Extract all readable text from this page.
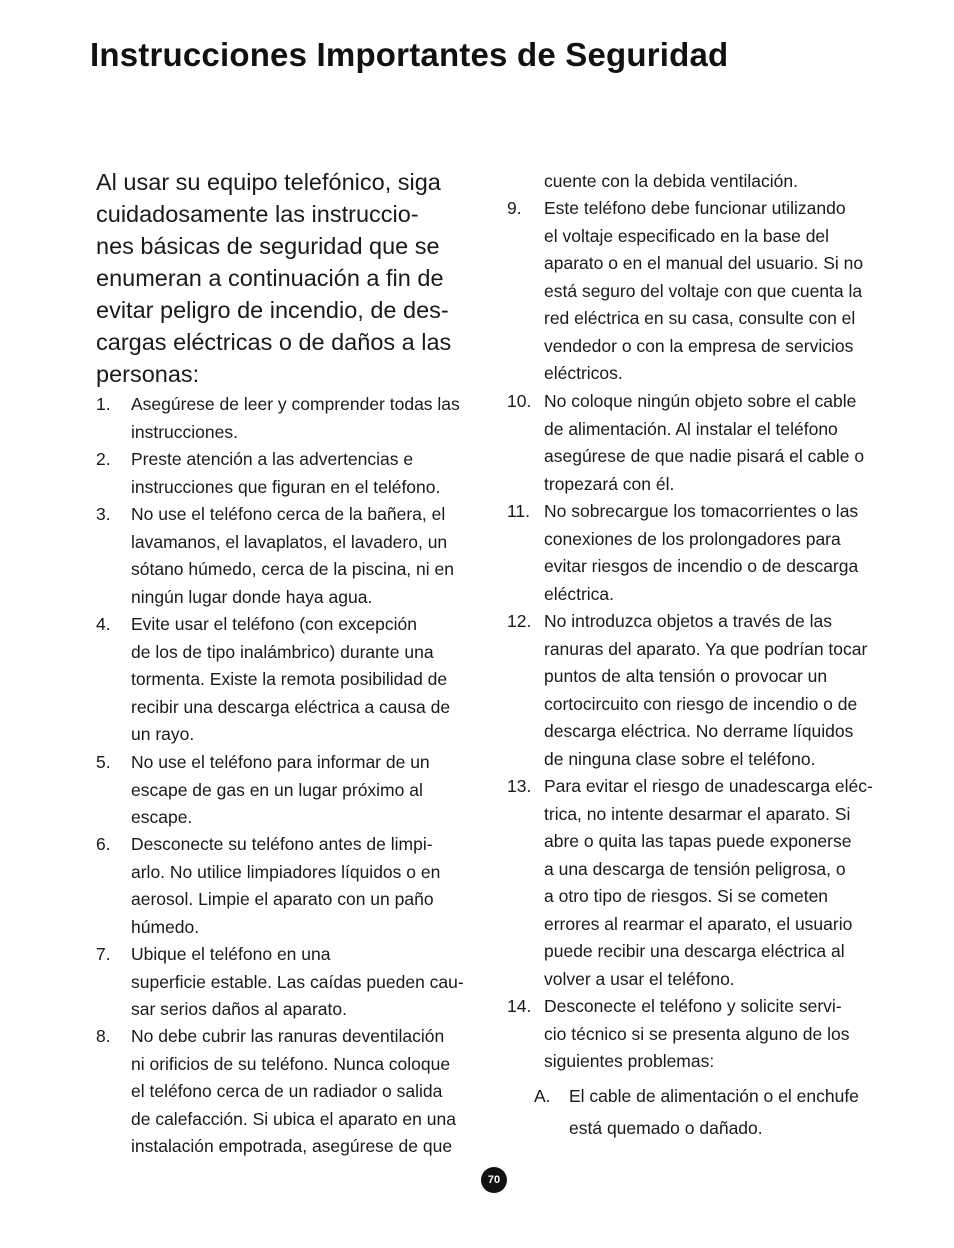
Instrucciones Importantes de Seguridad
Al usar su equipo telefónico, siga
cuidadosamente las instruccio-
nes básicas de seguridad que se
enumeran a continuación a fin de
evitar peligro de incendio, de des-
cargas eléctricas o de daños a las
personas:
1. Asegúrese de leer y comprender todas las
instrucciones.
2. Preste atención a las advertencias e
instrucciones que figuran en el teléfono.
3. No use el teléfono cerca de la bañera, el
lavamanos, el lavaplatos, el lavadero, un
sótano húmedo, cerca de la piscina, ni en
ningún lugar donde haya agua.
4. Evite usar el teléfono (con excepción
de los de tipo inalámbrico) durante una
tormenta. Existe la remota posibilidad de
recibir una descarga eléctrica a causa de
un rayo.
5. No use el teléfono para informar de un
escape de gas en un lugar próximo al
escape.
6. Desconecte su teléfono antes de limpi-
arlo. No utilice limpiadores líquidos o en
aerosol. Limpie el aparato con un paño
húmedo.
7. Ubique el teléfono en una
superficie estable. Las caídas pueden cau-
sar serios daños al aparato.
8. No debe cubrir las ranuras deventilación
ni orificios de su teléfono. Nunca coloque
el teléfono cerca de un radiador o salida
de calefacción. Si ubica el aparato en una
instalación empotrada, asegúrese de que
cuente con la debida ventilación.
9. Este teléfono debe funcionar utilizando
el voltaje especificado en la base del
aparato o en el manual del usuario. Si no
está seguro del voltaje con que cuenta la
red eléctrica en su casa, consulte con el
vendedor o con la empresa de servicios
eléctricos.
10. No coloque ningún objeto sobre el cable
de alimentación. Al instalar el teléfono
asegúrese de que nadie pisará el cable o
tropezará con él.
11. No sobrecargue los tomacorrientes o las
conexiones de los prolongadores para
evitar riesgos de incendio o de descarga
eléctrica.
12. No introduzca objetos a través de las
ranuras del aparato. Ya que podrían tocar
puntos de alta tensión o provocar un
cortocircuito con riesgo de incendio o de
descarga eléctrica. No derrame líquidos
de ninguna clase sobre el teléfono.
13. Para evitar el riesgo de unadescarga eléc-
trica, no intente desarmar el aparato. Si
abre o quita las tapas puede exponerse
a una descarga de tensión peligrosa, o
a otro tipo de riesgos. Si se cometen
errores al rearmar el aparato, el usuario
puede recibir una descarga eléctrica al
volver a usar el teléfono.
14. Desconecte el teléfono y solicite servi-
cio técnico si se presenta alguno de los
siguientes problemas:
A. El cable de alimentación o el enchufe
está quemado o dañado.
70
